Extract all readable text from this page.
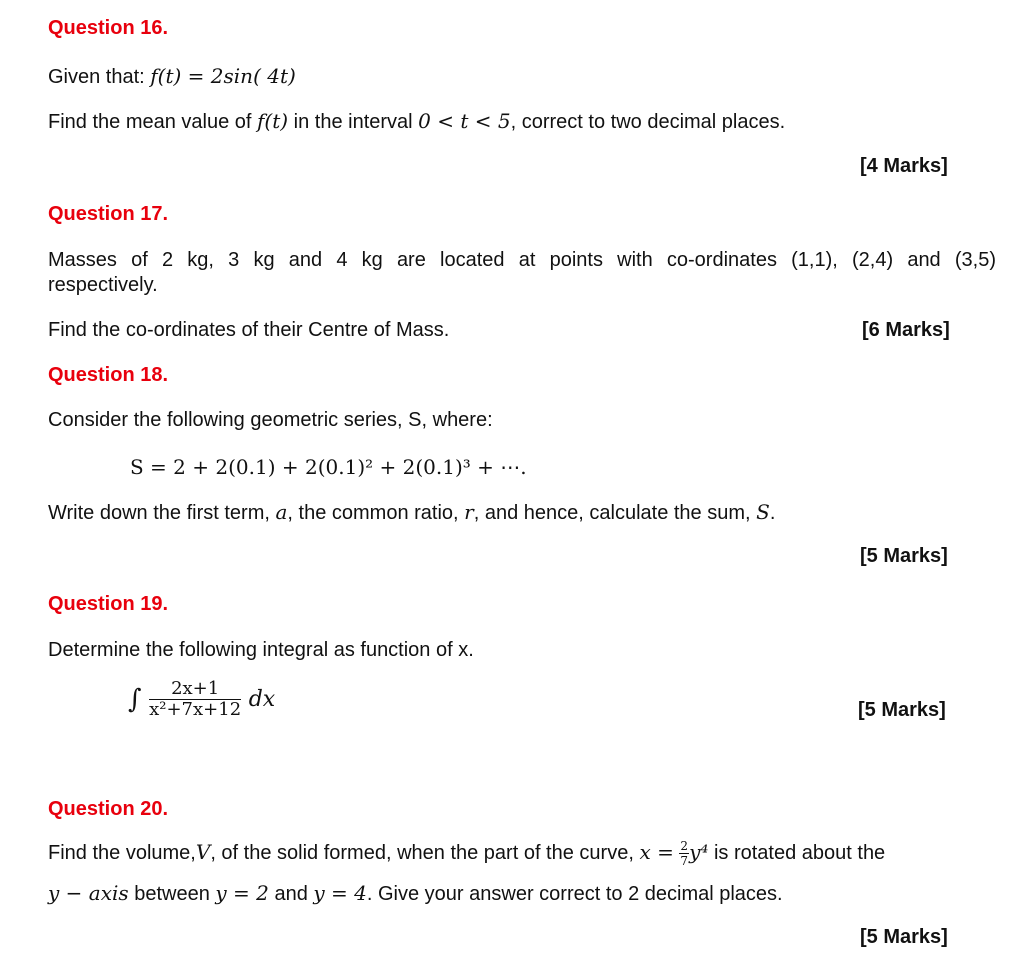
Question 16.
Given that: f(t) = 2sin( 4t)
Find the mean value of f(t) in the interval 0 < t < 5, correct to two decimal places.
[4 Marks]
Question 17.
Masses of 2 kg, 3 kg and 4 kg are located at points with co-ordinates (1,1), (2,4) and (3,5)
respectively.
Find the co-ordinates of their Centre of Mass.	[6 Marks]
Question 18.
Consider the following geometric series, S, where:
S = 2 + 2(0.1) + 2(0.1)² + 2(0.1)³ + ⋯.
Write down the first term, a, the common ratio, r, and hence, calculate the sum, S.
[5 Marks]
Question 19.
Determine the following integral as function of x.
∫ $\frac{2x+1}{\text{x²+7x+12}}$ dx	[5 Marks]
Question 20.
Find the volume,V, of the solid formed, when the part of the curve, $x = \frac{2}{7} y^4$ is rotated about the
y − axis between y = 2 and y = 4. Give your answer correct to 2 decimal places.
[5 Marks]
